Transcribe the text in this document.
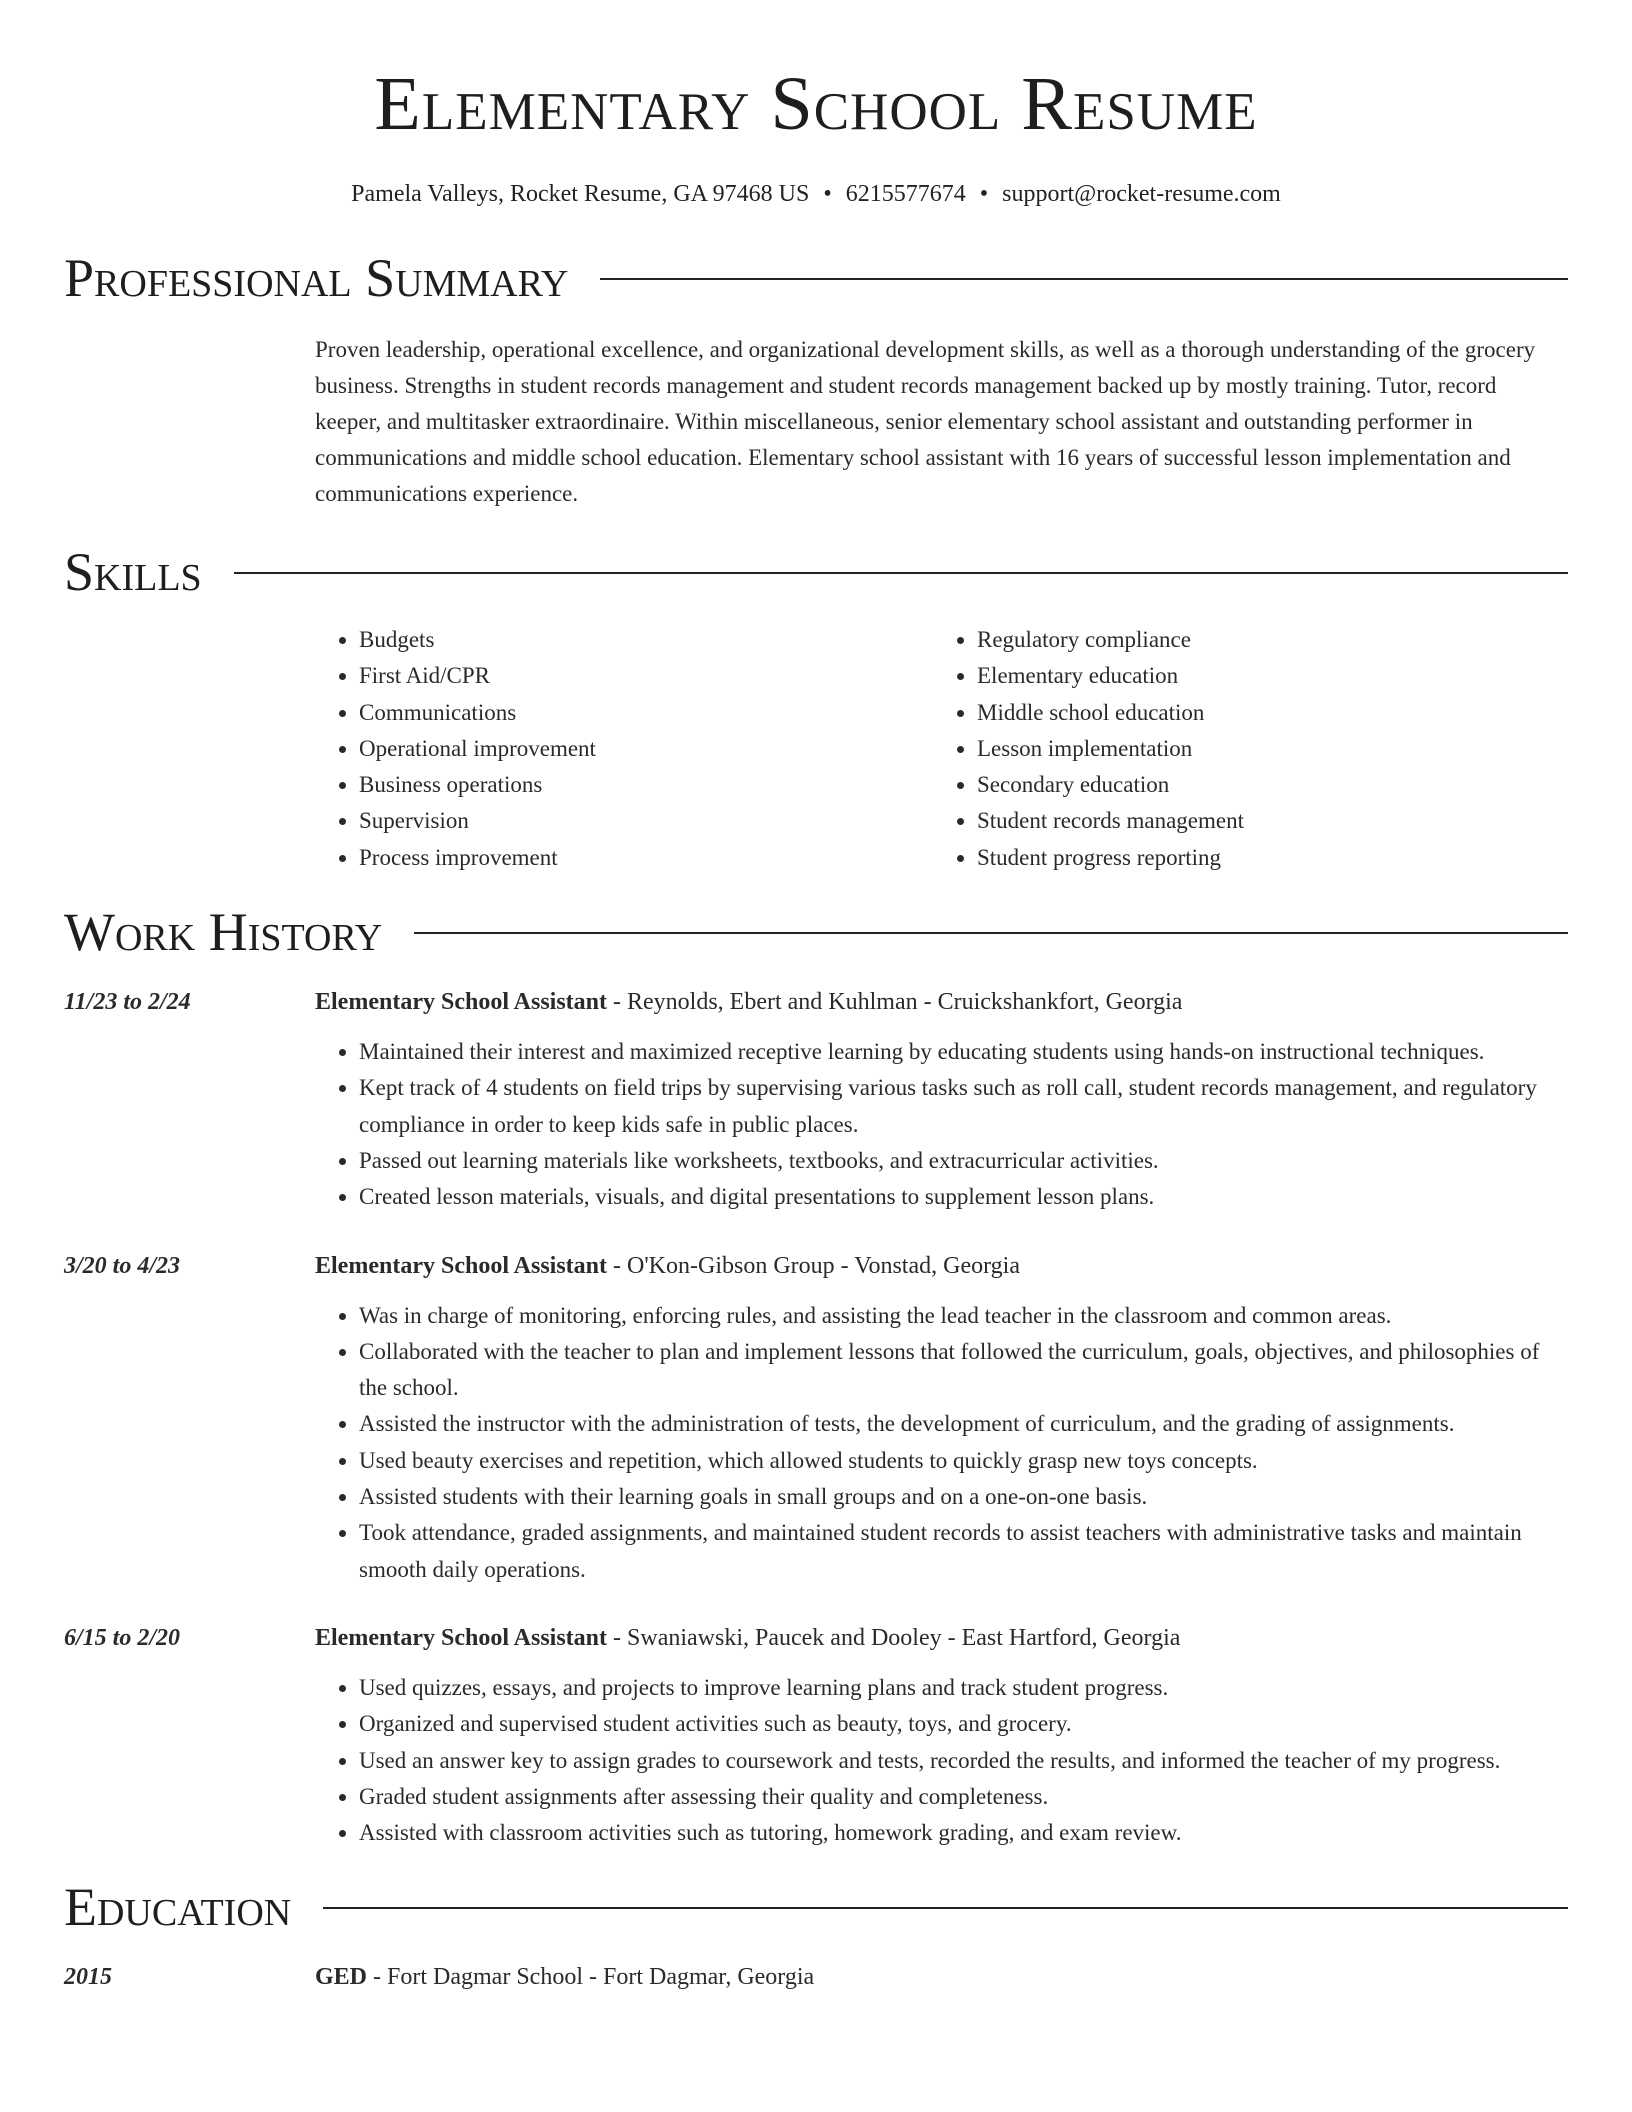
Elementary School Resume
Pamela Valleys, Rocket Resume, GA 97468 US • 6215577674 • support@rocket-resume.com
Professional Summary
Proven leadership, operational excellence, and organizational development skills, as well as a thorough understanding of the grocery business. Strengths in student records management and student records management backed up by mostly training. Tutor, record keeper, and multitasker extraordinaire. Within miscellaneous, senior elementary school assistant and outstanding performer in communications and middle school education. Elementary school assistant with 16 years of successful lesson implementation and communications experience.
Skills
• Budgets
• First Aid/CPR
• Communications
• Operational improvement
• Business operations
• Supervision
• Process improvement
• Regulatory compliance
• Elementary education
• Middle school education
• Lesson implementation
• Secondary education
• Student records management
• Student progress reporting
Work History
11/23 to 2/24	Elementary School Assistant - Reynolds, Ebert and Kuhlman - Cruickshankfort, Georgia
• Maintained their interest and maximized receptive learning by educating students using hands-on instructional techniques.
• Kept track of 4 students on field trips by supervising various tasks such as roll call, student records management, and regulatory compliance in order to keep kids safe in public places.
• Passed out learning materials like worksheets, textbooks, and extracurricular activities.
• Created lesson materials, visuals, and digital presentations to supplement lesson plans.
3/20 to 4/23	Elementary School Assistant - O'Kon-Gibson Group - Vonstad, Georgia
• Was in charge of monitoring, enforcing rules, and assisting the lead teacher in the classroom and common areas.
• Collaborated with the teacher to plan and implement lessons that followed the curriculum, goals, objectives, and philosophies of the school.
• Assisted the instructor with the administration of tests, the development of curriculum, and the grading of assignments.
• Used beauty exercises and repetition, which allowed students to quickly grasp new toys concepts.
• Assisted students with their learning goals in small groups and on a one-on-one basis.
• Took attendance, graded assignments, and maintained student records to assist teachers with administrative tasks and maintain smooth daily operations.
6/15 to 2/20	Elementary School Assistant - Swaniawski, Paucek and Dooley - East Hartford, Georgia
• Used quizzes, essays, and projects to improve learning plans and track student progress.
• Organized and supervised student activities such as beauty, toys, and grocery.
• Used an answer key to assign grades to coursework and tests, recorded the results, and informed the teacher of my progress.
• Graded student assignments after assessing their quality and completeness.
• Assisted with classroom activities such as tutoring, homework grading, and exam review.
Education
2015	GED - Fort Dagmar School - Fort Dagmar, Georgia
